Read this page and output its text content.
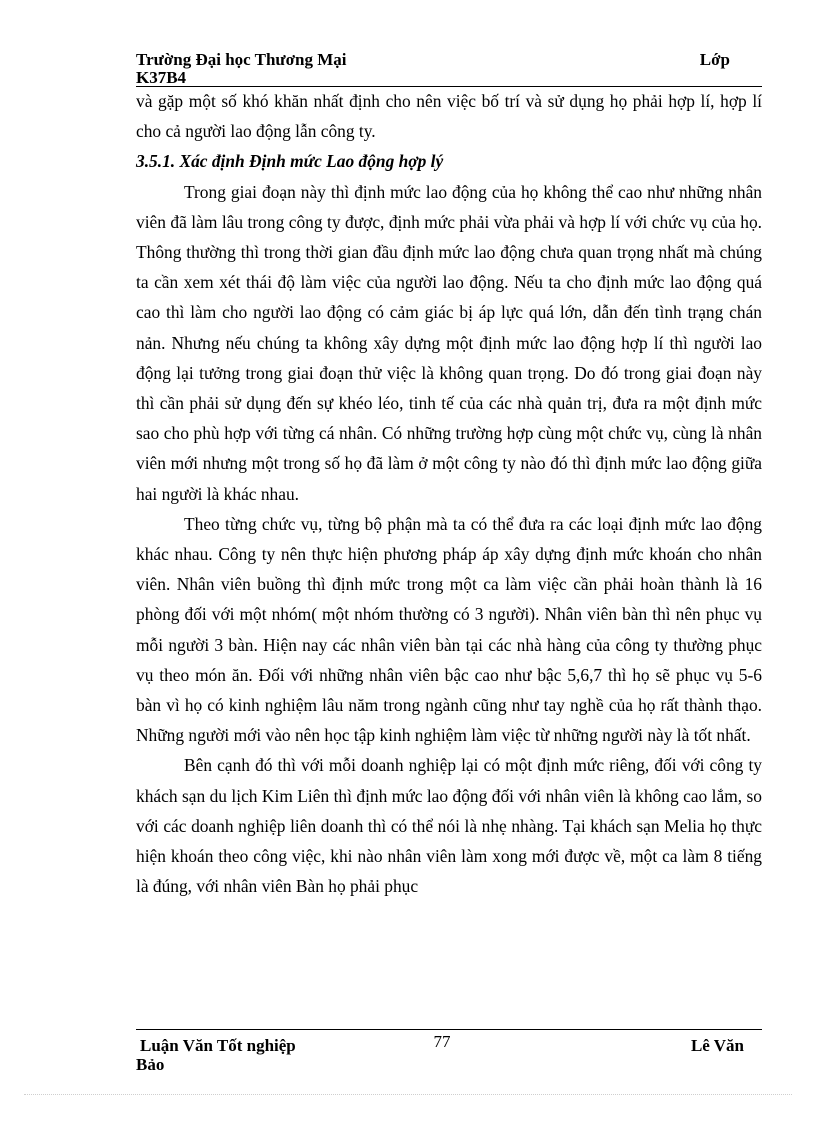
Trường Đại học Thương Mại	Lớp
K37B4

và gặp một số khó khăn nhất định cho nên việc bố trí và sử dụng họ phải hợp lí, hợp lí cho cả người lao động lẫn công ty.

3.5.1. Xác định Định mức Lao động hợp lý

Trong giai đoạn này thì định mức lao động của họ không thể cao như những nhân viên đã làm lâu trong công ty được, định mức phải vừa phải và hợp lí với chức vụ của họ. Thông thường thì trong thời gian đầu định mức lao động chưa quan trọng nhất mà chúng ta cần xem xét thái độ làm việc của người lao động. Nếu ta cho định mức lao động quá cao thì làm cho người lao động có cảm giác bị áp lực quá lớn, dẫn đến tình trạng chán nản. Nhưng nếu chúng ta không xây dựng một định mức lao động hợp lí thì người lao động lại tưởng trong giai đoạn thử việc là không quan trọng. Do đó trong giai đoạn này thì cần phải sử dụng đến sự khéo léo, tinh tế của các nhà quản trị, đưa ra một định mức sao cho phù hợp với từng cá nhân. Có những trường hợp cùng một chức vụ, cùng là nhân viên mới nhưng một trong số họ đã làm ở một công ty nào đó thì định mức lao động giữa hai người là khác nhau.

Theo từng chức vụ, từng bộ phận mà ta có thể đưa ra các loại định mức lao động khác nhau. Công ty nên thực hiện phương pháp áp xây dựng định mức khoán cho nhân viên. Nhân viên buồng thì định mức trong một ca làm việc cần phải hoàn thành là 16 phòng đối với một nhóm( một nhóm thường có 3 người). Nhân viên bàn thì nên phục vụ mỗi người 3 bàn. Hiện nay các nhân viên bàn tại các nhà hàng của công ty thường phục vụ theo món ăn. Đối với những nhân viên bậc cao như bậc 5,6,7 thì họ sẽ phục vụ 5-6 bàn vì họ có kinh nghiệm lâu năm trong ngành cũng như tay nghề của họ rất thành thạo. Những người mới vào nên học tập kinh nghiệm làm việc từ những người này là tốt nhất.

Bên cạnh đó thì với mỗi doanh nghiệp lại có một định mức riêng, đối với công ty khách sạn du lịch Kim Liên thì định mức lao động đối với nhân viên là không cao lắm, so với các doanh nghiệp liên doanh thì có thể nói là nhẹ nhàng. Tại khách sạn Melia họ thực hiện khoán theo công việc, khi nào nhân viên làm xong mới được về, một ca làm 8 tiếng là đúng, với nhân viên Bàn họ phải phục

Luận Văn Tốt nghiệp	77	Lê Văn
Bảo
